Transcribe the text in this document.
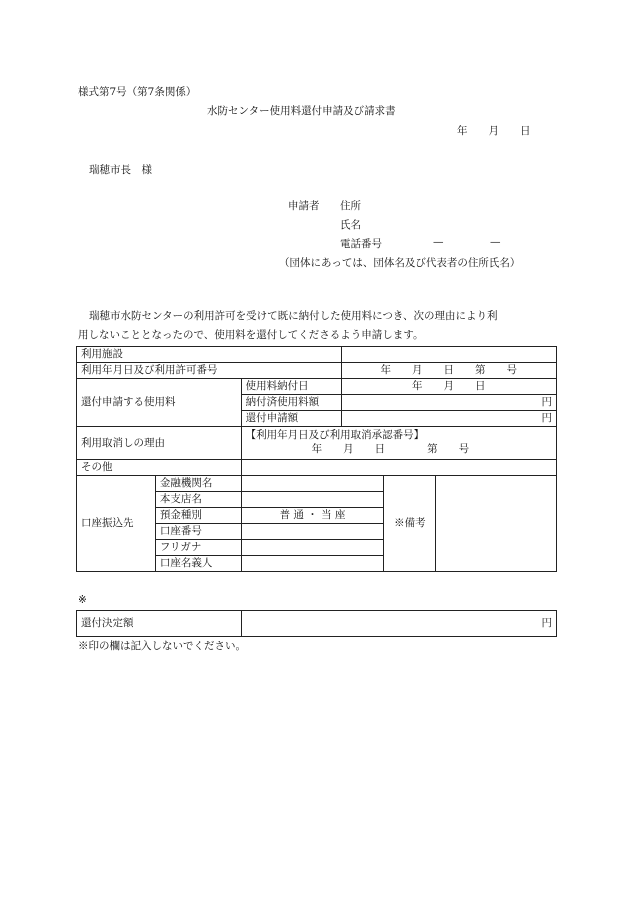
様式第7号（第7条関係）
水防センター使用料還付申請及び請求書
年　　月　　日
瑞穂市長　様
申請者 住所
氏名
電話番号	—	—
（団体にあっては、団体名及び代表者の住所氏名）
瑞穂市水防センターの利用許可を受けて既に納付した使用料につき、次の理由により利
用しないこととなったので、使用料を還付してくださるよう申請します。
利用施設					
利用年月日及び利用許可番号			年　　月　　日　　第　　号		
還付申請する使用料		使用料納付日	年　　月　　日		
		納付済使用料額	円		
		還付申請額	円		
利用取消しの理由		【利用年月日及び利用取消承認番号】
年　　月　　日　　　　第　　号			

その他					
口座振込先	金融機関名			※備考	
	本支店名				
	預金種別	普 通 ・ 当 座			
	口座番号				
	フリガナ				
	口座名義人				
※
還付決定額	円
※印の欄は記入しないでください。
